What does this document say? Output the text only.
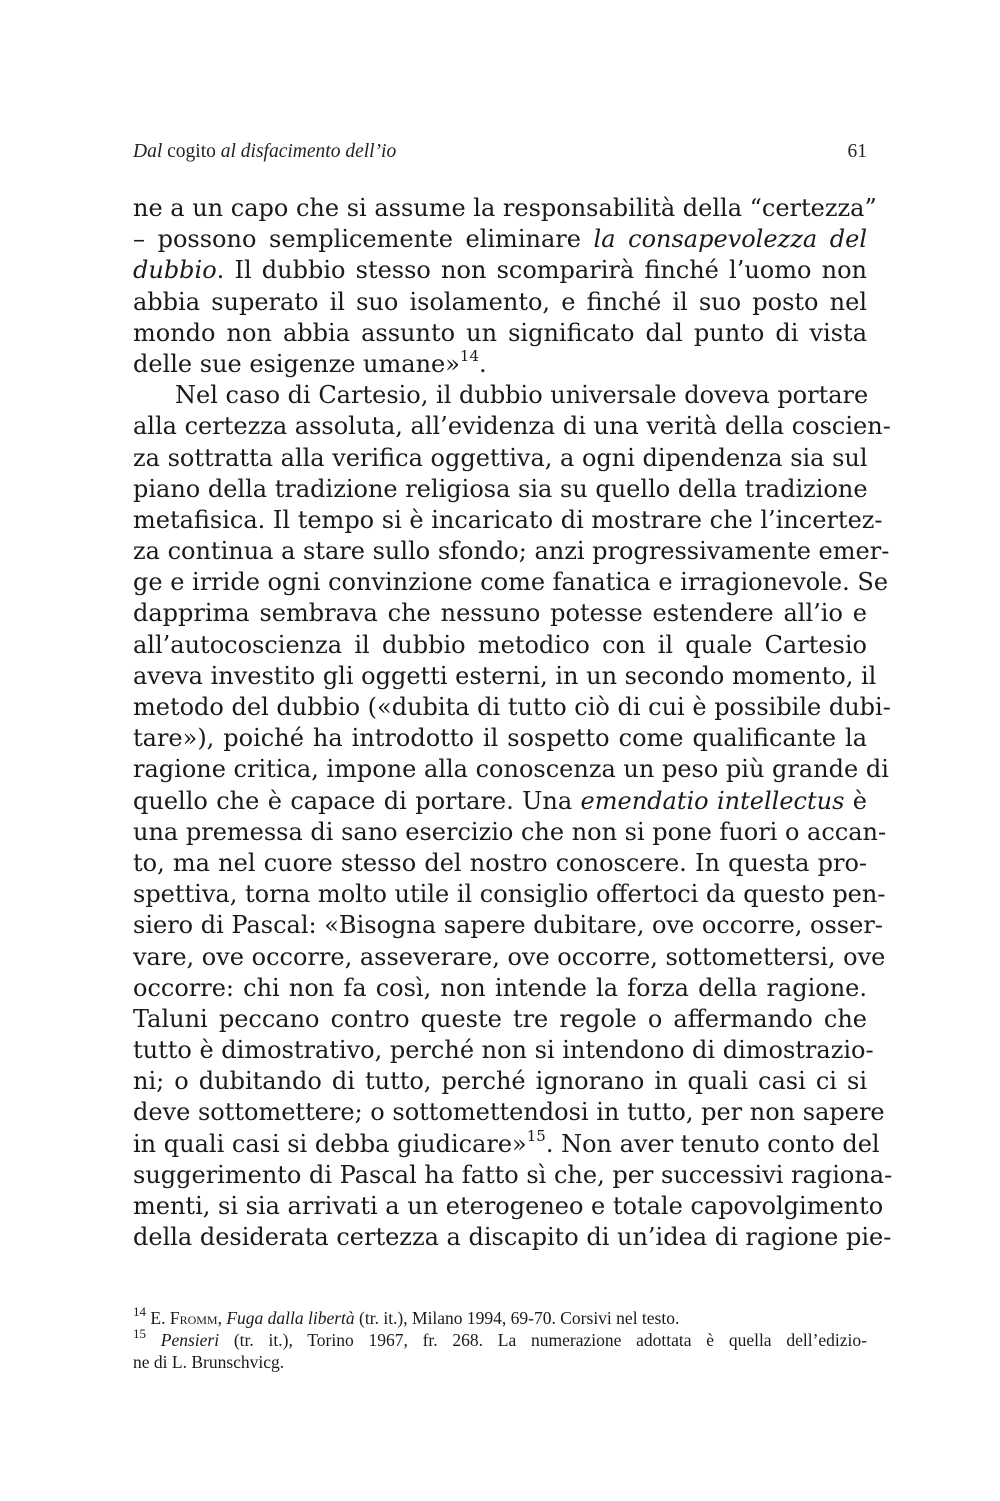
Dal cogito al disfacimento dell’io	61
ne a un capo che si assume la responsabilità della “certezza”
– possono semplicemente eliminare la consapevolezza del
dubbio. Il dubbio stesso non scomparirà finché l’uomo non
abbia superato il suo isolamento, e finché il suo posto nel
mondo non abbia assunto un significato dal punto di vista
delle sue esigenze umane»$^{14}$.
Nel caso di Cartesio, il dubbio universale doveva portare
alla certezza assoluta, all’evidenza di una verità della coscien-
za sottratta alla verifica oggettiva, a ogni dipendenza sia sul
piano della tradizione religiosa sia su quello della tradizione
metafisica. Il tempo si è incaricato di mostrare che l’incertez-
za continua a stare sullo sfondo; anzi progressivamente emer-
ge e irride ogni convinzione come fanatica e irragionevole. Se
dapprima sembrava che nessuno potesse estendere all’io e
all’autocoscienza il dubbio metodico con il quale Cartesio
aveva investito gli oggetti esterni, in un secondo momento, il
metodo del dubbio («dubita di tutto ciò di cui è possibile dubi-
tare»), poiché ha introdotto il sospetto come qualificante la
ragione critica, impone alla conoscenza un peso più grande di
quello che è capace di portare. Una emendatio intellectus è
una premessa di sano esercizio che non si pone fuori o accan-
to, ma nel cuore stesso del nostro conoscere. In questa pro-
spettiva, torna molto utile il consiglio offertoci da questo pen-
siero di Pascal: «Bisogna sapere dubitare, ove occorre, osser-
vare, ove occorre, asseverare, ove occorre, sottomettersi, ove
occorre: chi non fa così, non intende la forza della ragione.
Taluni peccano contro queste tre regole o affermando che
tutto è dimostrativo, perché non si intendono di dimostrazio-
ni; o dubitando di tutto, perché ignorano in quali casi ci si
deve sottomettere; o sottomettendosi in tutto, per non sapere
in quali casi si debba giudicare»$^{15}$. Non aver tenuto conto del
suggerimento di Pascal ha fatto sì che, per successivi ragiona-
menti, si sia arrivati a un eterogeneo e totale capovolgimento
della desiderata certezza a discapito di un’idea di ragione pie-
$^{14}$ E. Fromm, Fuga dalla libertà (tr. it.), Milano 1994, 69-70. Corsivi nel testo.
$^{15}$ Pensieri (tr. it.), Torino 1967, fr. 268. La numerazione adottata è quella dell’edizio-
ne di L. Brunschvicg.
